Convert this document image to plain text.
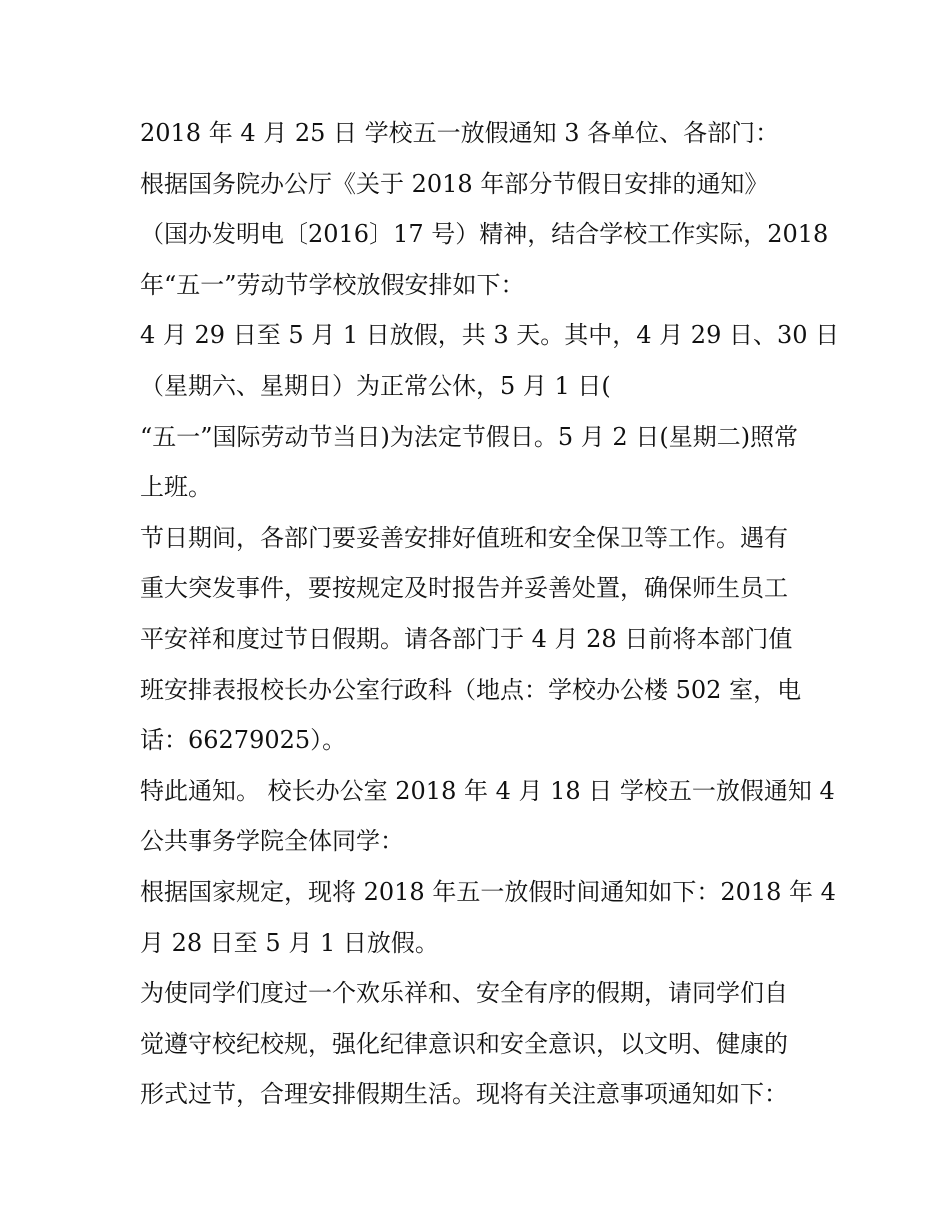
2018 年 4 月 25 日 学校五一放假通知 3 各单位、各部门：
根据国务院办公厅《关于 2018 年部分节假日安排的通知》
（国办发明电〔2016〕17 号）精神，结合学校工作实际，2018
年“五一”劳动节学校放假安排如下：
4 月 29 日至 5 月 1 日放假，共 3 天。其中，4 月 29 日、30 日
（星期六、星期日）为正常公休，5 月 1 日(
“五一”国际劳动节当日)为法定节假日。5 月 2 日(星期二)照常
上班。
节日期间，各部门要妥善安排好值班和安全保卫等工作。遇有
重大突发事件，要按规定及时报告并妥善处置，确保师生员工
平安祥和度过节日假期。请各部门于 4 月 28 日前将本部门值
班安排表报校长办公室行政科（地点：学校办公楼 502 室，电
话：66279025）。
特此通知。 校长办公室 2018 年 4 月 18 日 学校五一放假通知 4
公共事务学院全体同学：
根据国家规定，现将 2018 年五一放假时间通知如下：2018 年 4
月 28 日至 5 月 1 日放假。
为使同学们度过一个欢乐祥和、安全有序的假期，请同学们自
觉遵守校纪校规，强化纪律意识和安全意识，以文明、健康的
形式过节，合理安排假期生活。现将有关注意事项通知如下：
